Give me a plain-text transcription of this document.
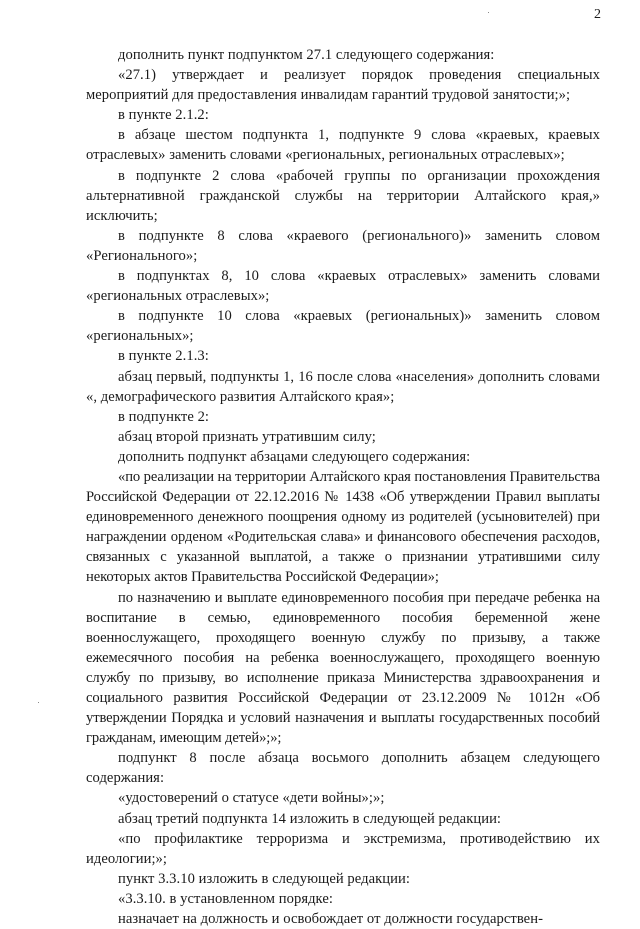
2

дополнить пункт подпунктом 27.1 следующего содержания:

«27.1) утверждает и реализует порядок проведения специальных мероприятий для предоставления инвалидам гарантий трудовой занятости;»;

в пункте 2.1.2:

в абзаце шестом подпункта 1, подпункте 9 слова «краевых, краевых отраслевых» заменить словами «региональных, региональных отраслевых»;

в подпункте 2 слова «рабочей группы по организации прохождения альтернативной гражданской службы на территории Алтайского края,» исключить;

в подпункте 8 слова «краевого (регионального)» заменить словом «Регионального»;

в подпунктах 8, 10 слова «краевых отраслевых» заменить словами «региональных отраслевых»;

в подпункте 10 слова «краевых (региональных)» заменить словом «региональных»;

в пункте 2.1.3:

абзац первый, подпункты 1, 16 после слова «населения» дополнить словами «, демографического развития Алтайского края»;

в подпункте 2:

абзац второй признать утратившим силу;

дополнить подпункт абзацами следующего содержания:

«по реализации на территории Алтайского края постановления Правительства Российской Федерации от 22.12.2016 № 1438 «Об утверждении Правил выплаты единовременного денежного поощрения одному из родителей (усыновителей) при награждении орденом «Родительская слава» и финансового обеспечения расходов, связанных с указанной выплатой, а также о признании утратившими силу некоторых актов Правительства Российской Федерации»;

по назначению и выплате единовременного пособия при передаче ребенка на воспитание в семью, единовременного пособия беременной жене военнослужащего, проходящего военную службу по призыву, а также ежемесячного пособия на ребенка военнослужащего, проходящего военную службу по призыву, во исполнение приказа Министерства здравоохранения и социального развития Российской Федерации от 23.12.2009 № 1012н «Об утверждении Порядка и условий назначения и выплаты государственных пособий гражданам, имеющим детей»;»;

подпункт 8 после абзаца восьмого дополнить абзацем следующего содержания:

«удостоверений о статусе «дети войны»;»;

абзац третий подпункта 14 изложить в следующей редакции:

«по профилактике терроризма и экстремизма, противодействию их идеологии;»;

пункт 3.3.10 изложить в следующей редакции:

«3.3.10. в установленном порядке:

назначает на должность и освобождает от должности государствен-
